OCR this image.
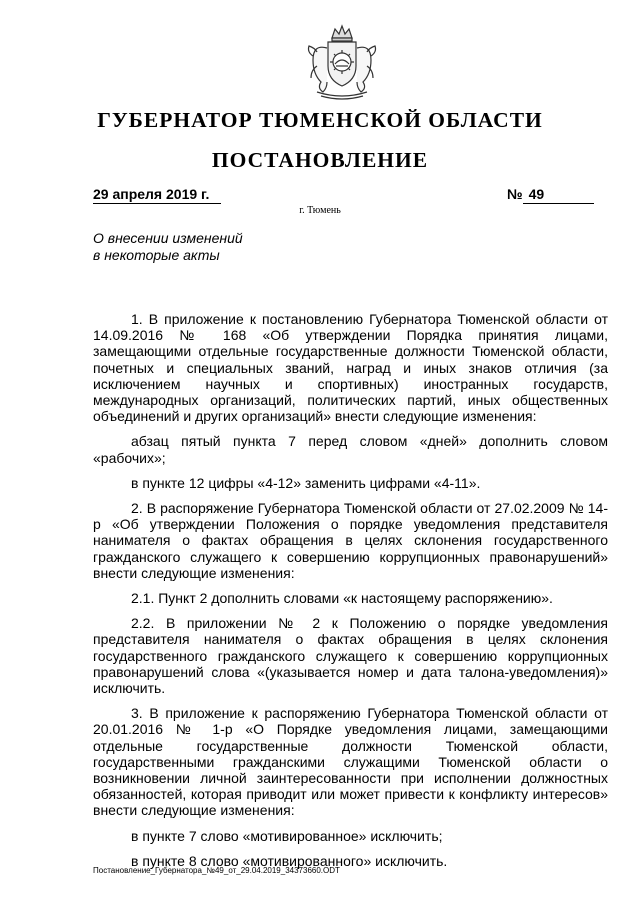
ГУБЕРНАТОР ТЮМЕНСКОЙ ОБЛАСТИ
ПОСТАНОВЛЕНИЕ
29 апреля 2019 г.	№ 49
г. Тюмень
О внесении изменений
в некоторые акты

1. В приложение к постановлению Губернатора Тюменской области от 14.09.2016 № 168 «Об утверждении Порядка принятия лицами, замещающими отдельные государственные должности Тюменской области, почетных и специальных званий, наград и иных знаков отличия (за исключением научных и спортивных) иностранных государств, международных организаций, политических партий, иных общественных объединений и других организаций» внести следующие изменения:

абзац пятый пункта 7 перед словом «дней» дополнить словом «рабочих»;

в пункте 12 цифры «4-12» заменить цифрами «4-11».

2. В распоряжение Губернатора Тюменской области от 27.02.2009 № 14-р «Об утверждении Положения о порядке уведомления представителя нанимателя о фактах обращения в целях склонения государственного гражданского служащего к совершению коррупционных правонарушений» внести следующие изменения:

2.1. Пункт 2 дополнить словами «к настоящему распоряжению».

2.2. В приложении № 2 к Положению о порядке уведомления представителя нанимателя о фактах обращения в целях склонения государственного гражданского служащего к совершению коррупционных правонарушений слова «(указывается номер и дата талона-уведомления)» исключить.

3. В приложение к распоряжению Губернатора Тюменской области от 20.01.2016 № 1-р «О Порядке уведомления лицами, замещающими отдельные государственные должности Тюменской области, государственными гражданскими служащими Тюменской области о возникновении личной заинтересованности при исполнении должностных обязанностей, которая приводит или может привести к конфликту интересов» внести следующие изменения:

в пункте 7 слово «мотивированное» исключить;

в пункте 8 слово «мотивированного» исключить.

Постановление_Губернатора_№49_от_29.04.2019_34373660.ODT
